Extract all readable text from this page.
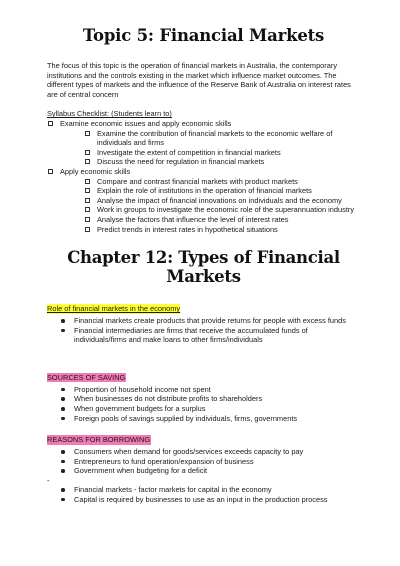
Topic 5: Financial Markets

The focus of this topic is the operation of financial markets in Australia, the contemporary institutions and the controls existing in the market which influence market outcomes. The different types of markets and the influence of the Reserve Bank of Australia on interest rates are of central concern

Syllabus Checklist: (Students learn to)
Examine economic issues and apply economic skills
Examine the contribution of financial markets to the economic welfare of individuals and firms
Investigate the extent of competition in financial markets
Discuss the need for regulation in financial markets
Apply economic skills
Compare and contrast financial markets with product markets
Explain the role of institutions in the operation of financial markets
Analyse the impact of financial innovations on individuals and the economy
Work in groups to investigate the economic role of the superannuation industry
Analyse the factors that influence the level of interest rates
Predict trends in interest rates in hypothetical situations
Chapter 12: Types of Financial Markets
Role of financial markets in the economy
Financial markets create products that provide returns for people with excess funds
Financial intermediaries are firms that receive the accumulated funds of individuals/firms and make loans to other firms/individuals
SOURCES OF SAVING
Proportion of household income not spent
When businesses do not distribute profits to shareholders
When government budgets for a surplus
Foreign pools of savings supplied by individuals, firms, governments
REASONS FOR BORROWING
Consumers when demand for goods/services exceeds capacity to pay
Entrepreneurs to fund operation/expansion of business
Government when budgeting for a deficit
-
Financial markets - factor markets for capital in the economy
Capital is required by businesses to use as an input in the production process
